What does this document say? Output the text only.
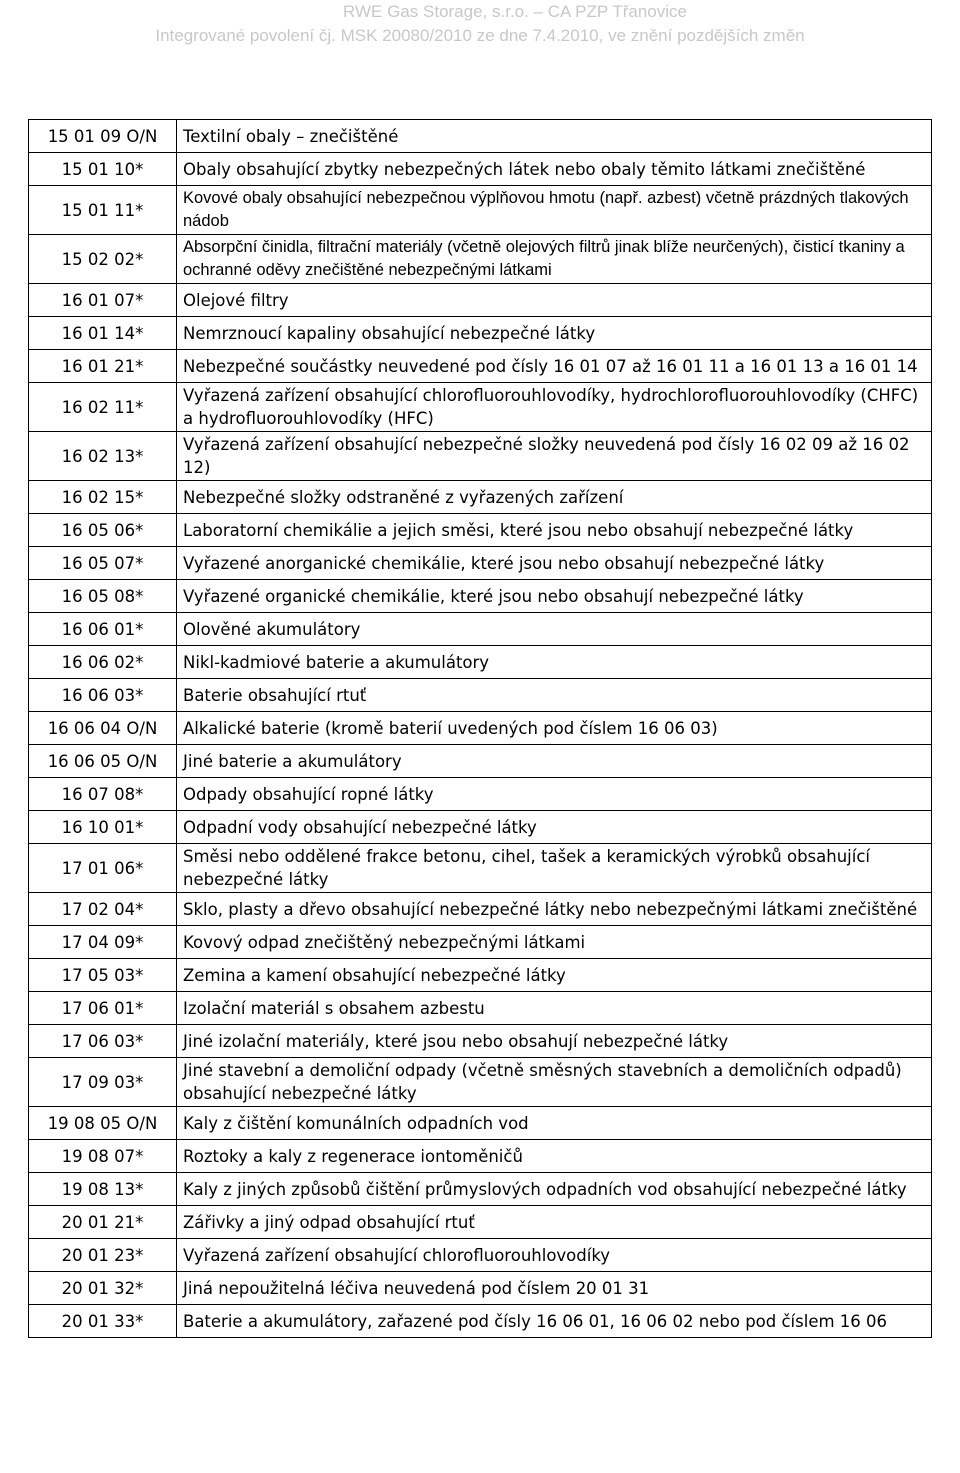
RWE Gas Storage, s.r.o. – CA PZP Třanovice
Integrované povolení čj. MSK 20080/2010 ze dne 7.4.2010, ve znění pozdějších změn
15 01 09 O/N	Textilní obaly – znečištěné
15 01 10*	Obaly obsahující zbytky nebezpečných látek nebo obaly těmito látkami znečištěné
15 01 11*	Kovové obaly obsahující nebezpečnou výplňovou hmotu (např. azbest) včetně prázdných tlakových nádob
15 02 02*	Absorpční činidla, filtrační materiály (včetně olejových filtrů jinak blíže neurčených), čisticí tkaniny a ochranné oděvy znečištěné nebezpečnými látkami
16 01 07*	Olejové filtry
16 01 14*	Nemrznoucí kapaliny obsahující nebezpečné látky
16 01 21*	Nebezpečné součástky neuvedené pod čísly 16 01 07 až 16 01 11 a 16 01 13 a 16 01 14
16 02 11*	Vyřazená zařízení obsahující chlorofluorouhlovodíky, hydrochlorofluorouhlovodíky (CHFC) a hydrofluorouhlovodíky (HFC)
16 02 13*	Vyřazená zařízení obsahující nebezpečné složky neuvedená pod čísly 16 02 09 až 16 02 12)
16 02 15*	Nebezpečné složky odstraněné z vyřazených zařízení
16 05 06*	Laboratorní chemikálie a jejich směsi, které jsou nebo obsahují nebezpečné látky
16 05 07*	Vyřazené anorganické chemikálie, které jsou nebo obsahují nebezpečné látky
16 05 08*	Vyřazené organické chemikálie, které jsou nebo obsahují nebezpečné látky
16 06 01*	Olověné akumulátory
16 06 02*	Nikl-kadmiové baterie a akumulátory
16 06 03*	Baterie obsahující rtuť
16 06 04 O/N	Alkalické baterie (kromě baterií uvedených pod číslem 16 06 03)
16 06 05 O/N	Jiné baterie a akumulátory
16 07 08*	Odpady obsahující ropné látky
16 10 01*	Odpadní vody obsahující nebezpečné látky
17 01 06*	Směsi nebo oddělené frakce betonu, cihel, tašek a keramických výrobků obsahující nebezpečné látky
17 02 04*	Sklo, plasty a dřevo obsahující nebezpečné látky nebo nebezpečnými látkami znečištěné
17 04 09*	Kovový odpad znečištěný nebezpečnými látkami
17 05 03*	Zemina a kamení obsahující nebezpečné látky
17 06 01*	Izolační materiál s obsahem azbestu
17 06 03*	Jiné izolační materiály, které jsou nebo obsahují nebezpečné látky
17 09 03*	Jiné stavební a demoliční odpady (včetně směsných stavebních a demoličních odpadů) obsahující nebezpečné látky
19 08 05 O/N	Kaly z čištění komunálních odpadních vod
19 08 07*	Roztoky a kaly z regenerace iontoměničů
19 08 13*	Kaly z jiných způsobů čištění průmyslových odpadních vod obsahující nebezpečné látky
20 01 21*	Zářivky a jiný odpad obsahující rtuť
20 01 23*	Vyřazená zařízení obsahující chlorofluorouhlovodíky
20 01 32*	Jiná nepoužitelná léčiva neuvedená pod číslem 20 01 31
20 01 33*	Baterie a akumulátory, zařazené pod čísly 16 06 01, 16 06 02 nebo pod číslem 16 06
